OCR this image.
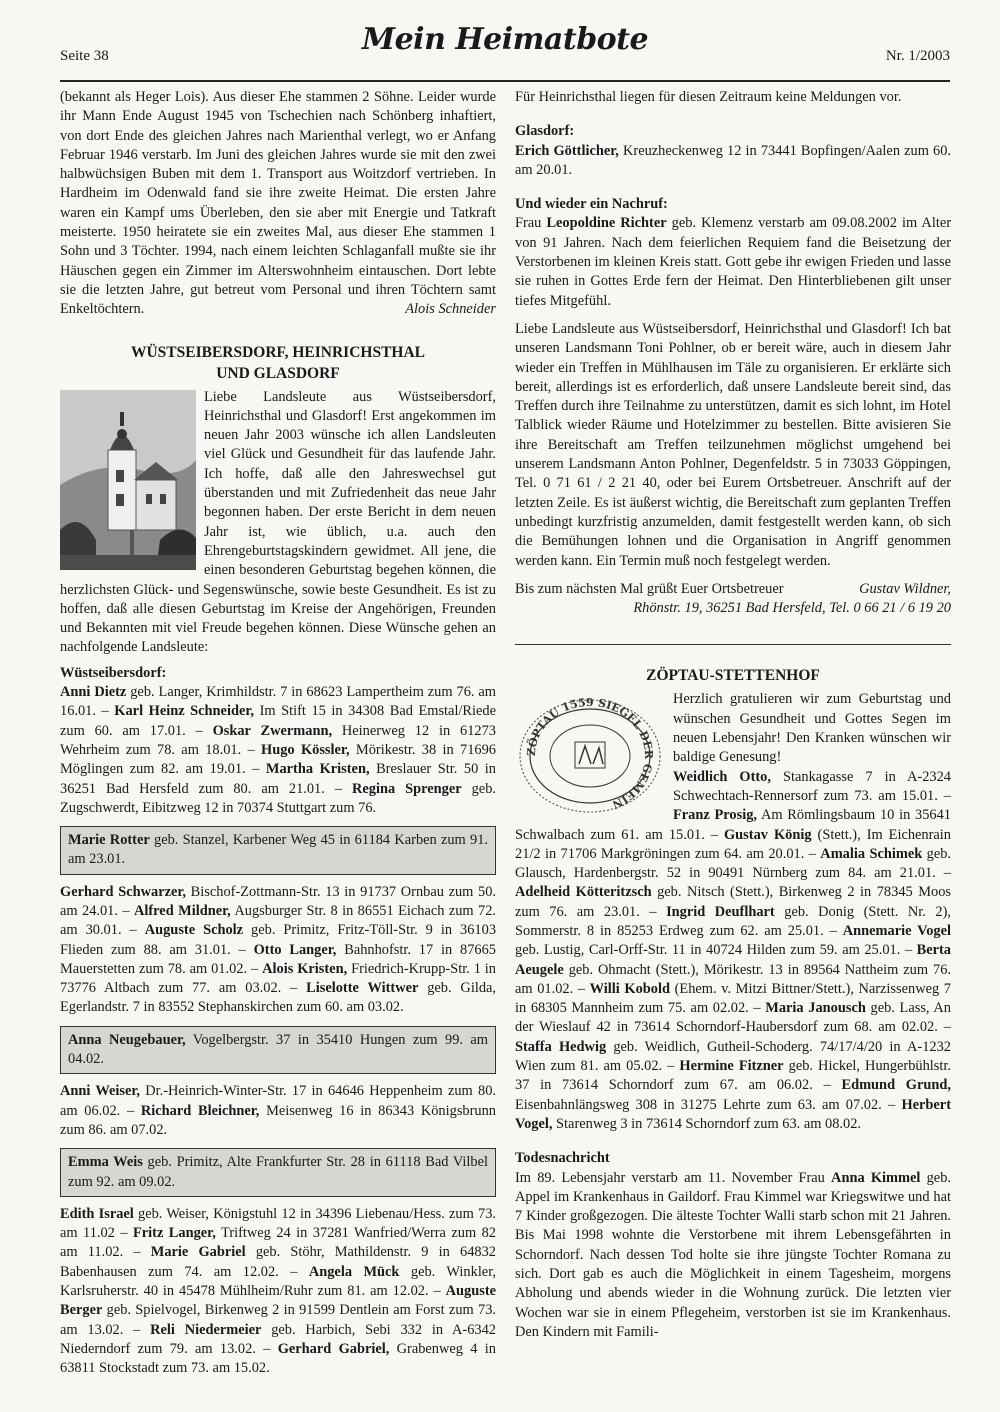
Seite 38	Mein Heimatbote	Nr. 1/2003

(bekannt als Heger Lois). Aus dieser Ehe stammen 2 Söhne. Leider wurde ihr Mann Ende August 1945 von Tschechien nach Schönberg inhaftiert, von dort Ende des gleichen Jahres nach Marienthal verlegt, wo er Anfang Februar 1946 verstarb. Im Juni des gleichen Jahres wurde sie mit den zwei halbwüchsigen Buben mit dem 1. Transport aus Woitzdorf vertrieben. In Hardheim im Odenwald fand sie ihre zweite Heimat. Die ersten Jahre waren ein Kampf ums Überleben, den sie aber mit Energie und Tatkraft meisterte. 1950 heiratete sie ein zweites Mal, aus dieser Ehe stammen 1 Sohn und 3 Töchter. 1994, nach einem leichten Schlaganfall mußte sie ihr Häuschen gegen ein Zimmer im Alterswohnheim eintauschen. Dort lebte sie die letzten Jahre, gut betreut vom Personal und ihren Töchtern samt Enkeltöchtern.	Alois Schneider

WÜSTSEIBERSDORF, HEINRICHSTHAL
UND GLASDORF

Liebe Landsleute aus Wüstseibersdorf, Heinrichsthal und Glasdorf! Erst angekommen im neuen Jahr 2003 wünsche ich allen Landsleuten viel Glück und Gesundheit für das laufende Jahr. Ich hoffe, daß alle den Jahreswechsel gut überstanden und mit Zufriedenheit das neue Jahr begonnen haben. Der erste Bericht in dem neuen Jahr ist, wie üblich, u.a. auch den Ehrengeburtstagskindern gewidmet. All jene, die einen besonderen Geburtstag begehen können, die herzlichsten Glück- und Segenswünsche, sowie beste Gesundheit. Es ist zu hoffen, daß alle diesen Geburtstag im Kreise der Angehörigen, Freunden und Bekannten mit viel Freude begehen können. Diese Wünsche gehen an nachfolgende Landsleute:

Wüstseibersdorf:

Anni Dietz geb. Langer, Krimhildstr. 7 in 68623 Lampertheim zum 76. am 16.01. – Karl Heinz Schneider, Im Stift 15 in 34308 Bad Emstal/Riede zum 60. am 17.01. – Oskar Zwermann, Heinerweg 12 in 61273 Wehrheim zum 78. am 18.01. – Hugo Kössler, Mörikestr. 38 in 71696 Möglingen zum 82. am 19.01. – Martha Kristen, Breslauer Str. 50 in 36251 Bad Hersfeld zum 80. am 21.01. – Regina Sprenger geb. Zugschwerdt, Eibitzweg 12 in 70374 Stuttgart zum 76.

Marie Rotter geb. Stanzel, Karbener Weg 45 in 61184 Karben zum 91. am 23.01.

Gerhard Schwarzer, Bischof-Zottmann-Str. 13 in 91737 Ornbau zum 50. am 24.01. – Alfred Mildner, Augsburger Str. 8 in 86551 Eichach zum 72. am 30.01. – Auguste Scholz geb. Primitz, Fritz-Töll-Str. 9 in 36103 Flieden zum 88. am 31.01. – Otto Langer, Bahnhofstr. 17 in 87665 Mauerstetten zum 78. am 01.02. – Alois Kristen, Friedrich-Krupp-Str. 1 in 73776 Altbach zum 77. am 03.02. – Liselotte Wittwer geb. Gilda, Egerlandstr. 7 in 83552 Stephanskirchen zum 60. am 03.02.

Anna Neugebauer, Vogelbergstr. 37 in 35410 Hungen zum 99. am 04.02.

Anni Weiser, Dr.-Heinrich-Winter-Str. 17 in 64646 Heppenheim zum 80. am 06.02. – Richard Bleichner, Meisenweg 16 in 86343 Königsbrunn zum 86. am 07.02.

Emma Weis geb. Primitz, Alte Frankfurter Str. 28 in 61118 Bad Vilbel zum 92. am 09.02.

Edith Israel geb. Weiser, Königstuhl 12 in 34396 Liebenau/Hess. zum 73. am 11.02 – Fritz Langer, Triftweg 24 in 37281 Wanfried/Werra zum 82 am 11.02. – Marie Gabriel geb. Stöhr, Mathildenstr. 9 in 64832 Babenhausen zum 74. am 12.02. – Angela Mück geb. Winkler, Karlsruherstr. 40 in 45478 Mühlheim/Ruhr zum 81. am 12.02. – Auguste Berger geb. Spielvogel, Birkenweg 2 in 91599 Dentlein am Forst zum 73. am 13.02. – Reli Niedermeier geb. Harbich, Sebi 332 in A-6342 Niederndorf zum 79. am 13.02. – Gerhard Gabriel, Grabenweg 4 in 63811 Stockstadt zum 73. am 15.02.

Für Heinrichsthal liegen für diesen Zeitraum keine Meldungen vor.

Glasdorf:

Erich Göttlicher, Kreuzheckenweg 12 in 73441 Bopfingen/Aalen zum 60. am 20.01.

Und wieder ein Nachruf:

Frau Leopoldine Richter geb. Klemenz verstarb am 09.08.2002 im Alter von 91 Jahren. Nach dem feierlichen Requiem fand die Beisetzung der Verstorbenen im kleinen Kreis statt. Gott gebe ihr ewigen Frieden und lasse sie ruhen in Gottes Erde fern der Heimat. Den Hinterbliebenen gilt unser tiefes Mitgefühl.

Liebe Landsleute aus Wüstseibersdorf, Heinrichsthal und Glasdorf! Ich bat unseren Landsmann Toni Pohlner, ob er bereit wäre, auch in diesem Jahr wieder ein Treffen in Mühlhausen im Täle zu organisieren. Er erklärte sich bereit, allerdings ist es erforderlich, daß unsere Landsleute bereit sind, das Treffen durch ihre Teilnahme zu unterstützen, damit es sich lohnt, im Hotel Talblick wieder Räume und Hotelzimmer zu bestellen. Bitte avisieren Sie ihre Bereitschaft am Treffen teilzunehmen möglichst umgehend bei unserem Landsmann Anton Pohlner, Degenfeldstr. 5 in 73033 Göppingen, Tel. 0 71 61 / 2 21 40, oder bei Eurem Ortsbetreuer. Anschrift auf der letzten Zeile. Es ist äußerst wichtig, die Bereitschaft zum geplanten Treffen unbedingt kurzfristig anzumelden, damit festgestellt werden kann, ob sich die Bemühungen lohnen und die Organisation in Angriff genommen werden kann. Ein Termin muß noch festgelegt werden.

Bis zum nächsten Mal grüßt Euer Ortsbetreuer	Gustav Wildner,

Rhönstr. 19, 36251 Bad Hersfeld, Tel. 0 66 21 / 6 19 20

ZÖPTAU-STETTENHOF
ZÖPTAU 1559 SIEGEL DER GEMEIN

Herzlich gratulieren wir zum Geburtstag und wünschen Gesundheit und Gottes Segen im neuen Lebensjahr! Den Kranken wünschen wir baldige Genesung!

Weidlich Otto, Stankagasse 7 in A-2324 Schwechtach-Rennersorf zum 73. am 15.01. – Franz Prosig, Am Römlingsbaum 10 in 35641 Schwalbach zum 61. am 15.01. – Gustav König (Stett.), Im Eichenrain 21/2 in 71706 Markgröningen zum 64. am 20.01. – Amalia Schimek geb. Glausch, Hardenbergstr. 52 in 90491 Nürnberg zum 84. am 21.01. – Adelheid Kötteritzsch geb. Nitsch (Stett.), Birkenweg 2 in 78345 Moos zum 76. am 23.01. – Ingrid Deuflhart geb. Donig (Stett. Nr. 2), Sommerstr. 8 in 85253 Erdweg zum 62. am 25.01. – Annemarie Vogel geb. Lustig, Carl-Orff-Str. 11 in 40724 Hilden zum 59. am 25.01. – Berta Aeugele geb. Ohmacht (Stett.), Mörikestr. 13 in 89564 Nattheim zum 76. am 01.02. – Willi Kobold (Ehem. v. Mitzi Bittner/Stett.), Narzissenweg 7 in 68305 Mannheim zum 75. am 02.02. – Maria Janousch geb. Lass, An der Wieslauf 42 in 73614 Schorndorf-Haubersdorf zum 68. am 02.02. – Staffa Hedwig geb. Weidlich, Gutheil-Schoderg. 74/17/4/20 in A-1232 Wien zum 81. am 05.02. – Hermine Fitzner geb. Hickel, Hungerbühlstr. 37 in 73614 Schorndorf zum 67. am 06.02. – Edmund Grund, Eisenbahnlängsweg 308 in 31275 Lehrte zum 63. am 07.02. – Herbert Vogel, Starenweg 3 in 73614 Schorndorf zum 63. am 08.02.

Todesnachricht

Im 89. Lebensjahr verstarb am 11. November Frau Anna Kimmel geb. Appel im Krankenhaus in Gaildorf. Frau Kimmel war Kriegswitwe und hat 7 Kinder großgezogen. Die älteste Tochter Walli starb schon mit 21 Jahren. Bis Mai 1998 wohnte die Verstorbene mit ihrem Lebensgefährten in Schorndorf. Nach dessen Tod holte sie ihre jüngste Tochter Romana zu sich. Dort gab es auch die Möglichkeit in einem Tagesheim, morgens Abholung und abends wieder in die Wohnung zurück. Die letzten vier Wochen war sie in einem Pflegeheim, verstorben ist sie im Krankenhaus. Den Kindern mit Famili-
